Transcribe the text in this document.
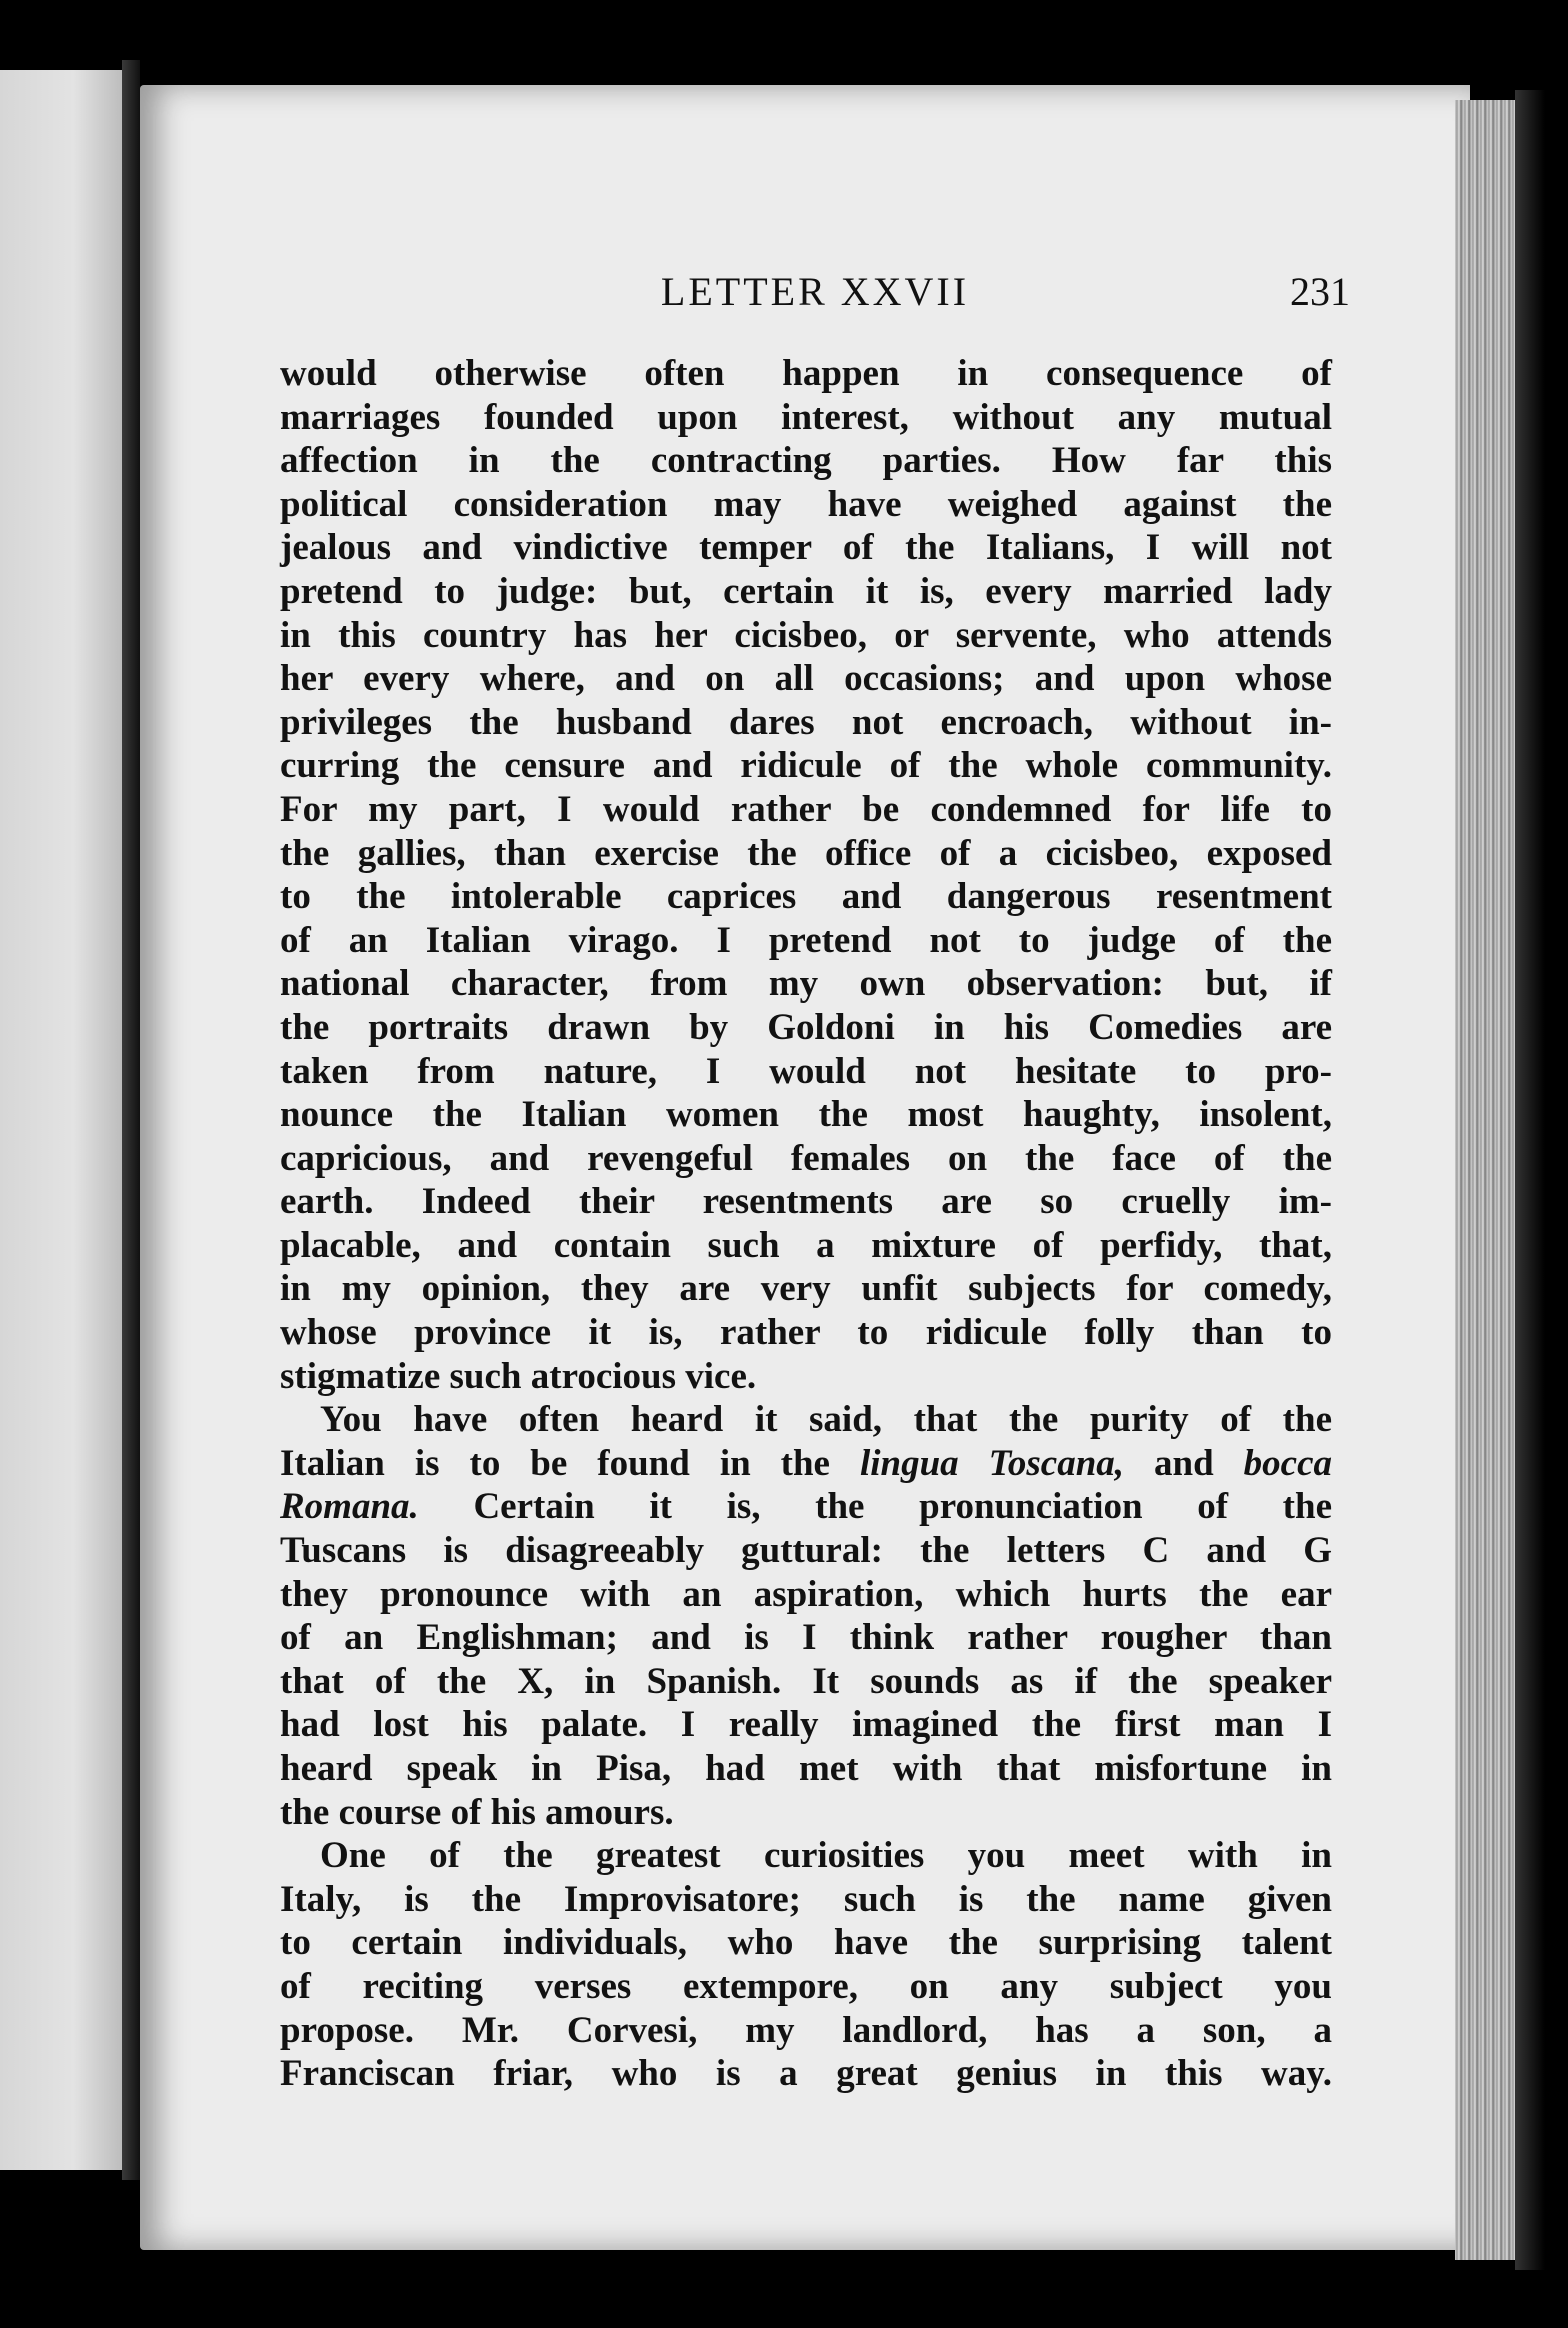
LETTER XXVII	231
would otherwise often happen in consequence of
marriages founded upon interest, without any mutual
affection in the contracting parties. How far this
political consideration may have weighed against the
jealous and vindictive temper of the Italians, I will not
pretend to judge: but, certain it is, every married lady
in this country has her cicisbeo, or servente, who attends
her every where, and on all occasions; and upon whose
privileges the husband dares not encroach, without in-
curring the censure and ridicule of the whole community.
For my part, I would rather be condemned for life to
the gallies, than exercise the office of a cicisbeo, exposed
to the intolerable caprices and dangerous resentment
of an Italian virago. I pretend not to judge of the
national character, from my own observation: but, if
the portraits drawn by Goldoni in his Comedies are
taken from nature, I would not hesitate to pro-
nounce the Italian women the most haughty, insolent,
capricious, and revengeful females on the face of the
earth. Indeed their resentments are so cruelly im-
placable, and contain such a mixture of perfidy, that,
in my opinion, they are very unfit subjects for comedy,
whose province it is, rather to ridicule folly than to
stigmatize such atrocious vice.
You have often heard it said, that the purity of the
Italian is to be found in the lingua Toscana, and bocca
Romana. Certain it is, the pronunciation of the
Tuscans is disagreeably guttural: the letters C and G
they pronounce with an aspiration, which hurts the ear
of an Englishman; and is I think rather rougher than
that of the X, in Spanish. It sounds as if the speaker
had lost his palate. I really imagined the first man I
heard speak in Pisa, had met with that misfortune in
the course of his amours.
One of the greatest curiosities you meet with in
Italy, is the Improvisatore; such is the name given
to certain individuals, who have the surprising talent
of reciting verses extempore, on any subject you
propose. Mr. Corvesi, my landlord, has a son, a
Franciscan friar, who is a great genius in this way.
